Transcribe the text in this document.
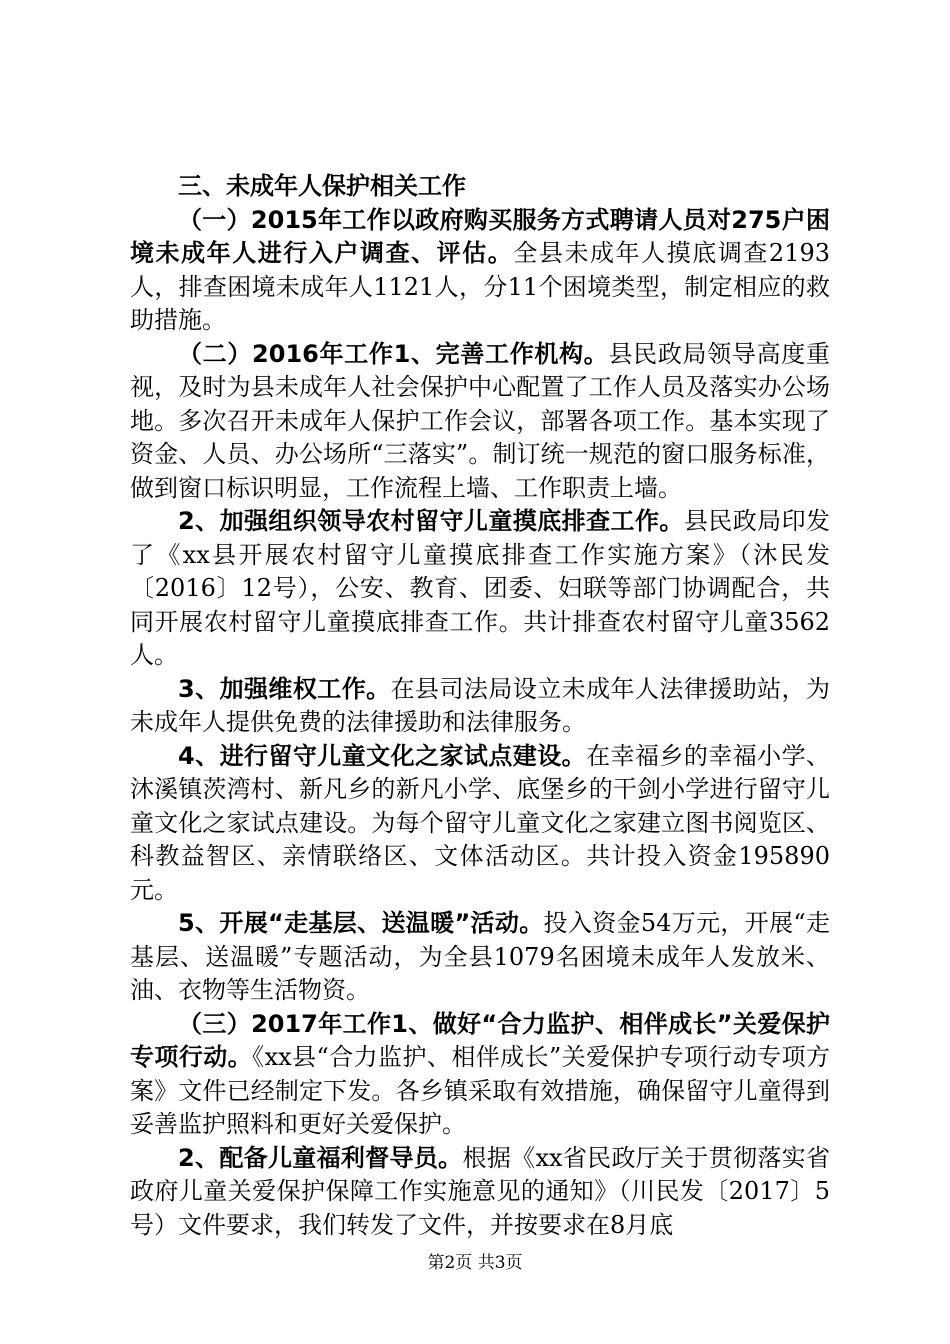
三、未成年人保护相关工作

（一）2015年工作以政府购买服务方式聘请人员对275户困境未成年人进行入户调查、评估。全县未成年人摸底调查2193人，排查困境未成年人1121人，分11个困境类型，制定相应的救助措施。

（二）2016年工作1、完善工作机构。县民政局领导高度重视，及时为县未成年人社会保护中心配置了工作人员及落实办公场地。多次召开未成年人保护工作会议，部署各项工作。基本实现了资金、人员、办公场所“三落实”。制订统一规范的窗口服务标准，做到窗口标识明显，工作流程上墙、工作职责上墙。

2、加强组织领导农村留守儿童摸底排查工作。县民政局印发了《xx县开展农村留守儿童摸底排查工作实施方案》（沐民发〔2016〕12号），公安、教育、团委、妇联等部门协调配合，共同开展农村留守儿童摸底排查工作。共计排查农村留守儿童3562人。

3、加强维权工作。在县司法局设立未成年人法律援助站，为未成年人提供免费的法律援助和法律服务。

4、进行留守儿童文化之家试点建设。在幸福乡的幸福小学、沐溪镇茨湾村、新凡乡的新凡小学、底堡乡的干剑小学进行留守儿童文化之家试点建设。为每个留守儿童文化之家建立图书阅览区、科教益智区、亲情联络区、文体活动区。共计投入资金195890元。

5、开展“走基层、送温暖”活动。投入资金54万元，开展“走基层、送温暖”专题活动，为全县1079名困境未成年人发放米、油、衣物等生活物资。

（三）2017年工作1、做好“合力监护、相伴成长”关爱保护专项行动。《xx县“合力监护、相伴成长”关爱保护专项行动专项方案》文件已经制定下发。各乡镇采取有效措施，确保留守儿童得到妥善监护照料和更好关爱保护。

2、配备儿童福利督导员。根据《xx省民政厅关于贯彻落实省政府儿童关爱保护保障工作实施意见的通知》（川民发〔2017〕5号）文件要求，我们转发了文件，并按要求在8月底

第2页 共3页
